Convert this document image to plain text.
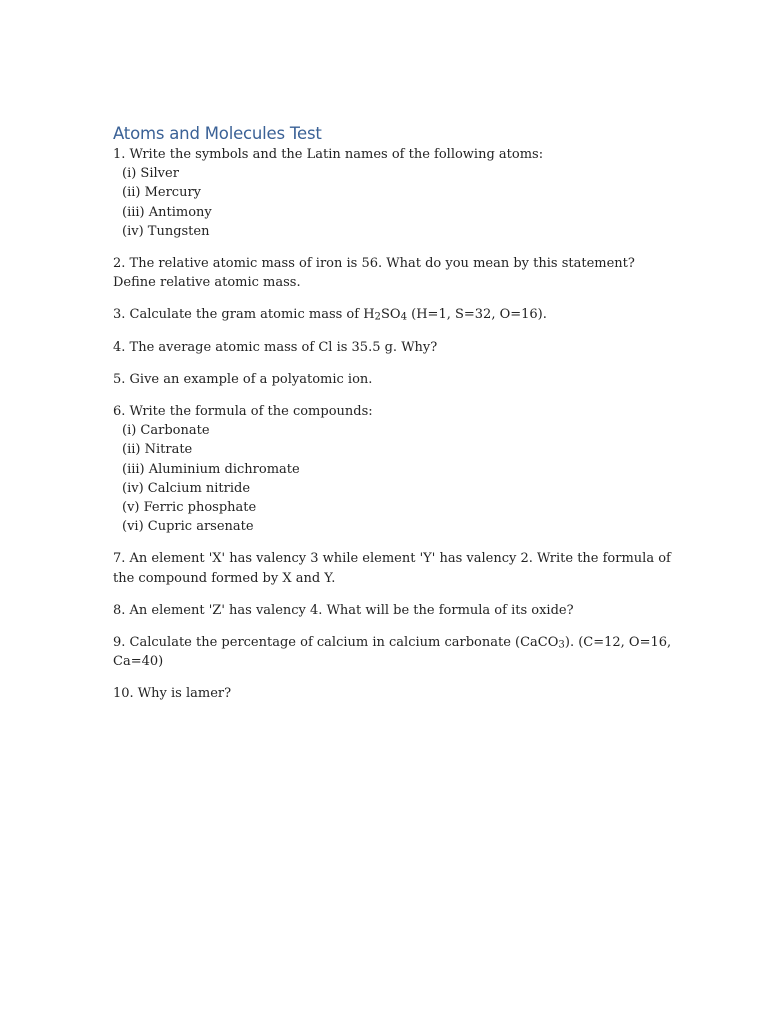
Atoms and Molecules Test
1. Write the symbols and the Latin names of the following atoms:
(i) Silver
(ii) Mercury
(iii) Antimony
(iv) Tungsten
2. The relative atomic mass of iron is 56. What do you mean by this statement? Define relative atomic mass.
3. Calculate the gram atomic mass of $H_2SO_4$ (H=1, S=32, O=16).
4. The average atomic mass of Cl is 35.5 g. Why?
5. Give an example of a polyatomic ion.
6. Write the formula of the compounds:
(i) Carbonate
(ii) Nitrate
(iii) Aluminium dichromate
(iv) Calcium nitride
(v) Ferric phosphate
(vi) Cupric arsenate
7. An element 'X' has valency 3 while element 'Y' has valency 2. Write the formula of the compound formed by X and Y.
8. An element 'Z' has valency 4. What will be the formula of its oxide?
9. Calculate the percentage of calcium in calcium carbonate (CaCO$_3$). (C=12, O=16, Ca=40)
10. Why is lamer?
